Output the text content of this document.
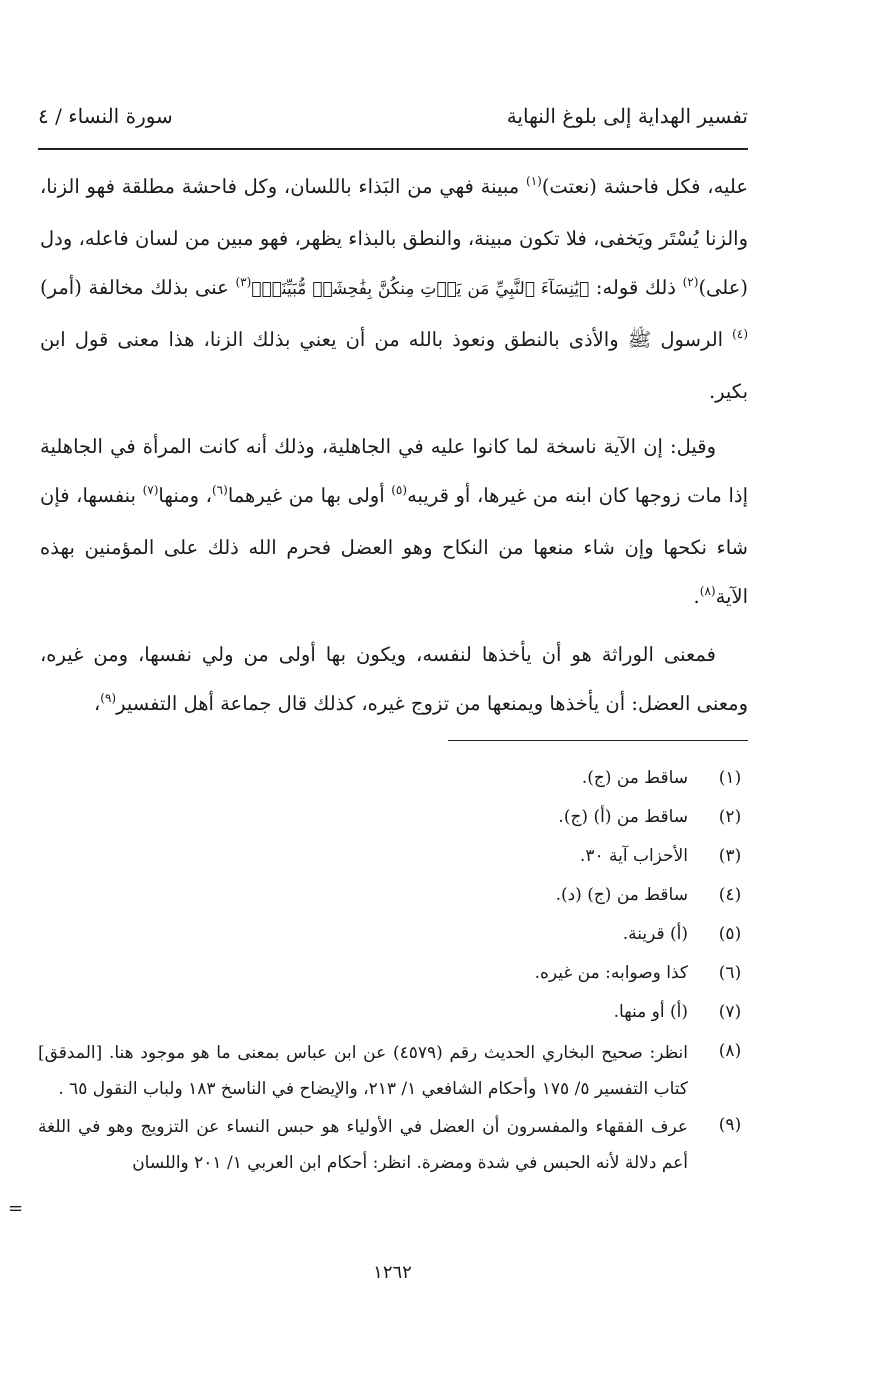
تفسير الهداية إلى بلوغ النهاية
سورة النساء / ٤

عليه، فكل فاحشة (نعتت)$^{(١)}$ مبينة فهي من البَذاء باللسان، وكل فاحشة مطلقة فهو الزنا، والزنا يُسْتَر ويَخفى، فلا تكون مبينة، والنطق بالبذاء يظهر، فهو مبين من لسان فاعله، ودل (على)$^{(٢)}$ ذلك قوله: ﴿يَٰنِسَآءَ ٱلنَّبِيِّ مَن يَأۡتِ مِنكُنَّ بِفَٰحِشَةٖ مُّبَيِّنَةٖ﴾$^{(٣)}$ عنى بذلك مخالفة (أمر)$^{(٤)}$ الرسول ﷺ والأذى بالنطق ونعوذ بالله من أن يعني بذلك الزنا، هذا معنى قول ابن بكير.

وقيل: إن الآية ناسخة لما كانوا عليه في الجاهلية، وذلك أنه كانت المرأة في الجاهلية إذا مات زوجها كان ابنه من غيرها، أو قريبه$^{(٥)}$ أولى بها من غيرهما$^{(٦)}$، ومنها$^{(٧)}$ بنفسها، فإن شاء نكحها وإن شاء منعها من النكاح وهو العضل فحرم الله ذلك على المؤمنين بهذه الآية$^{(٨)}$.

فمعنى الوراثة هو أن يأخذها لنفسه، ويكون بها أولى من ولي نفسها، ومن غيره، ومعنى العضل: أن يأخذها ويمنعها من تزوج غيره، كذلك قال جماعة أهل التفسير$^{(٩)}$،

(١)
ساقط من (ج).
(٢)
ساقط من (أ) (ج).
(٣)
الأحزاب آية ٣٠.
(٤)
ساقط من (ج) (د).
(٥)
(أ) قرينة.
(٦)
كذا وصوابه: من غيره.
(٧)
(أ) أو منها.
(٨)
انظر: صحيح البخاري الحديث رقم (٤٥٧٩) عن ابن عباس بمعنى ما هو موجود هنا. [المدقق] كتاب التفسير ٥/ ١٧٥ وأحكام الشافعي ١/ ٢١٣، والإيضاح في الناسخ ١٨٣ ولباب النقول ٦٥ .
(٩)
عرف الفقهاء والمفسرون أن العضل في الأولياء هو حبس النساء عن التزويج وهو في اللغة أعم دلالة لأنه الحبس في شدة ومضرة. انظر: أحكام ابن العربي ١/ ٢٠١ واللسان
=
١٢٦٢
